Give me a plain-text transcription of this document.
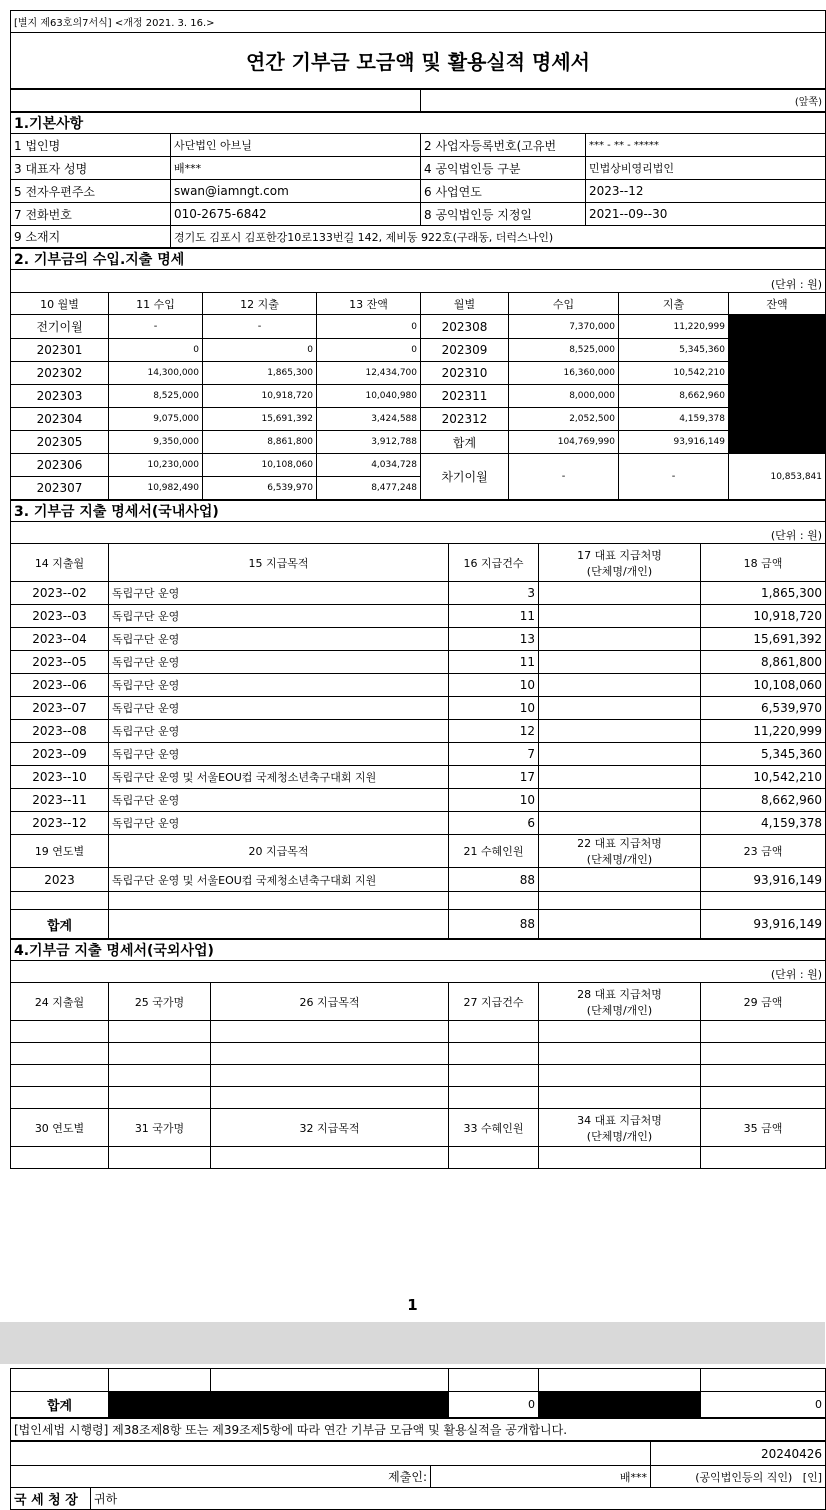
[별지 제63호의7서식] <개정 2021. 3. 16.>
연간 기부금 모금액 및 활용실적 명세서
	(앞쪽)
1.기본사항			
1 법인명	사단법인 아브닐	2 사업자등록번호(고유번	*** - ** - *****
3 대표자 성명	배***	4 공익법인등 구분	민법상비영리법인
5 전자우편주소	swan@iamngt.com	6 사업연도	2023--12
7 전화번호	010-2675-6842	8 공익법인등 지정일	2021--09--30
9 소재지	경기도 김포시 김포한강10로133번길 142, 제비동 922호(구래동, 더럭스나인)		
2. 기부금의 수입.지출 명세							
(단위 : 원)							
10 월별	11 수입	12 지출	13 잔액	월별	수입	지출	잔액
전기이월	-	-	0	202308	7,370,000	11,220,999	
202301	0	0	0	202309	8,525,000	5,345,360	
202302	14,300,000	1,865,300	12,434,700	202310	16,360,000	10,542,210	
202303	8,525,000	10,918,720	10,040,980	202311	8,000,000	8,662,960	
202304	9,075,000	15,691,392	3,424,588	202312	2,052,500	4,159,378	
202305	9,350,000	8,861,800	3,912,788	합계	104,769,990	93,916,149	
202306	10,230,000	10,108,060	4,034,728	차기이월	-	-	10,853,841
202307	10,982,490	6,539,970	8,477,248				
3. 기부금 지출 명세서(국내사업)				
(단위 : 원)				
14 지출월	15 지급목적	16 지급건수	17 대표 지급처명
(단체명/개인)	18 금액
2023--02	독립구단 운영	3		1,865,300
2023--03	독립구단 운영	11		10,918,720
2023--04	독립구단 운영	13		15,691,392
2023--05	독립구단 운영	11		8,861,800
2023--06	독립구단 운영	10		10,108,060
2023--07	독립구단 운영	10		6,539,970
2023--08	독립구단 운영	12		11,220,999
2023--09	독립구단 운영	7		5,345,360
2023--10	독립구단 운영 및 서울EOU컵 국제청소년축구대회 지원	17		10,542,210
2023--11	독립구단 운영	10		8,662,960
2023--12	독립구단 운영	6		4,159,378
19 연도별	20 지급목적	21 수혜인원	22 대표 지급처명
(단체명/개인)	23 금액
2023	독립구단 운영 및 서울EOU컵 국제청소년축구대회 지원	88		93,916,149

합계		88		93,916,149
4.기부금 지출 명세서(국외사업)					
(단위 : 원)					
24 지출월	25 국가명	26 지급목적	27 지급건수	28 대표 지급처명
(단체명/개인)	29 금액

30 연도별	31 국가명	32 지급목적	33 수혜인원	34 대표 지급처명
(단체명/개인)	35 금액

1

합계			0		0
[법인세법 시행령] 제38조제8항 또는 제39조제5항에 따라 연간 기부금 모금액 및 활용실적을 공개합니다.
			20240426
	제출인:	배***	(공익법인등의 직인) [인]
국 세 청 장	귀하		
